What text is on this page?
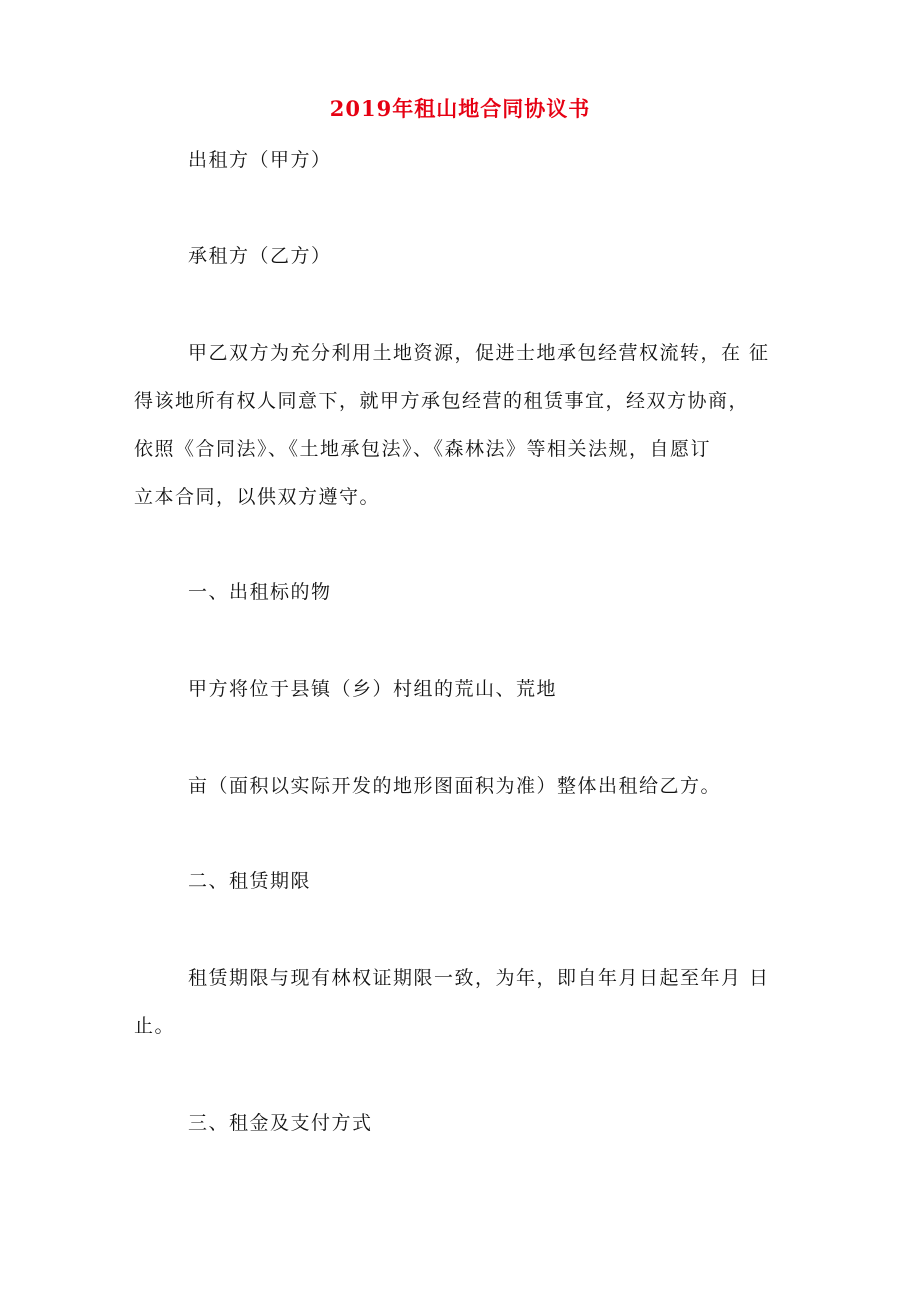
2019年租山地合同协议书
出租方（甲方）
承租方（乙方）
甲乙双方为充分利用土地资源，促进士地承包经营权流转，在 征
得该地所有权人同意下，就甲方承包经营的租赁事宜，经双方协商，
依照《合同法》、《土地承包法》、《森林法》等相关法规，自愿订
立本合同，以供双方遵守。
一、出租标的物
甲方将位于县镇（乡）村组的荒山、荒地
亩（面积以实际开发的地形图面积为准）整体出租给乙方。
二、租赁期限
租赁期限与现有林权证期限一致，为年，即自年月日起至年月 日
止。
三、租金及支付方式
